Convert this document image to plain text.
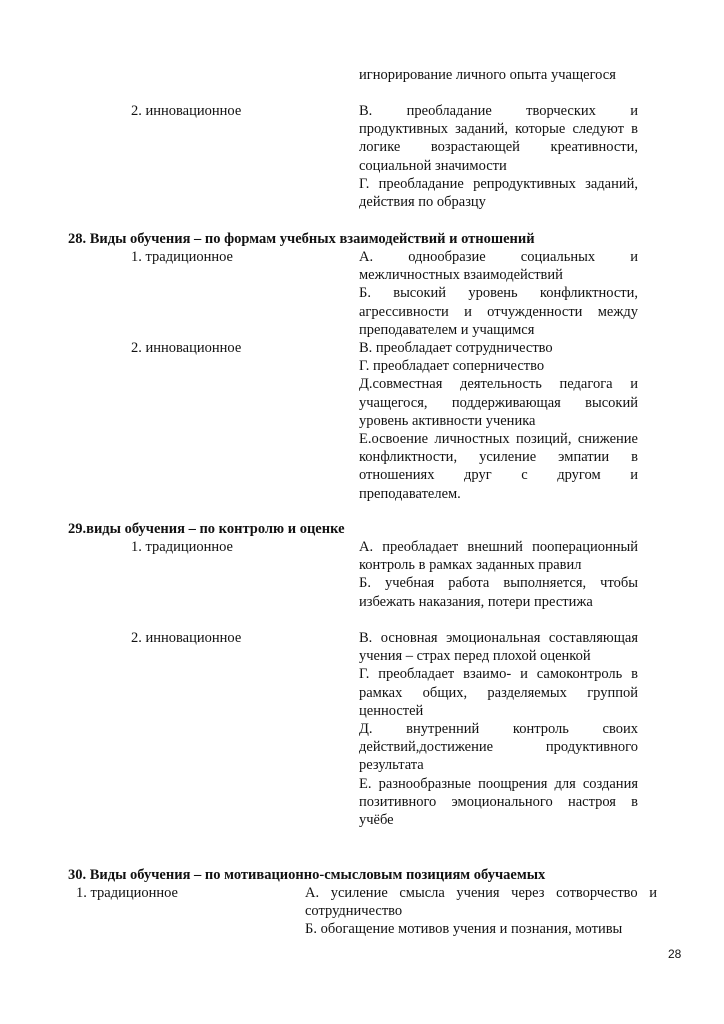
игнорирование личного опыта учащегося

2. инновационное	В. преобладание творческих и продуктивных заданий, которые следуют в логике возрастающей креативности, социальной значимости

Г. преобладание репродуктивных заданий, действия по образцу

28. Виды обучения – по формам учебных взаимодействий и отношений
1. традиционное	А. однообразие социальных и межличностных взаимодействий

Б. высокий уровень конфликтности, агрессивности и отчужденности между преподавателем и учащимся

2. инновационное	В. преобладает сотрудничество

Г. преобладает соперничество

Д.совместная деятельность педагога и учащегося, поддерживающая высокий уровень активности ученика

Е.освоение личностных позиций, снижение конфликтности, усиление эмпатии в отношениях друг с другом и преподавателем.

29.виды обучения – по контролю и оценке
1. традиционное	А. преобладает внешний пооперационный контроль в рамках заданных правил

Б. учебная работа выполняется, чтобы избежать наказания, потери престижа

2. инновационное	В. основная эмоциональная составляющая учения – страх перед плохой оценкой

Г. преобладает взаимо- и самоконтроль в рамках общих, разделяемых группой ценностей

Д. внутренний контроль своих действий,достижение продуктивного результата

Е. разнообразные поощрения для создания позитивного эмоционального настроя в учёбе

30. Виды обучения – по мотивационно-смысловым позициям обучаемых
1. традиционное	А. усиление смысла учения через сотворчество и сотрудничество

Б. обогащение мотивов учения и познания, мотивы

28
